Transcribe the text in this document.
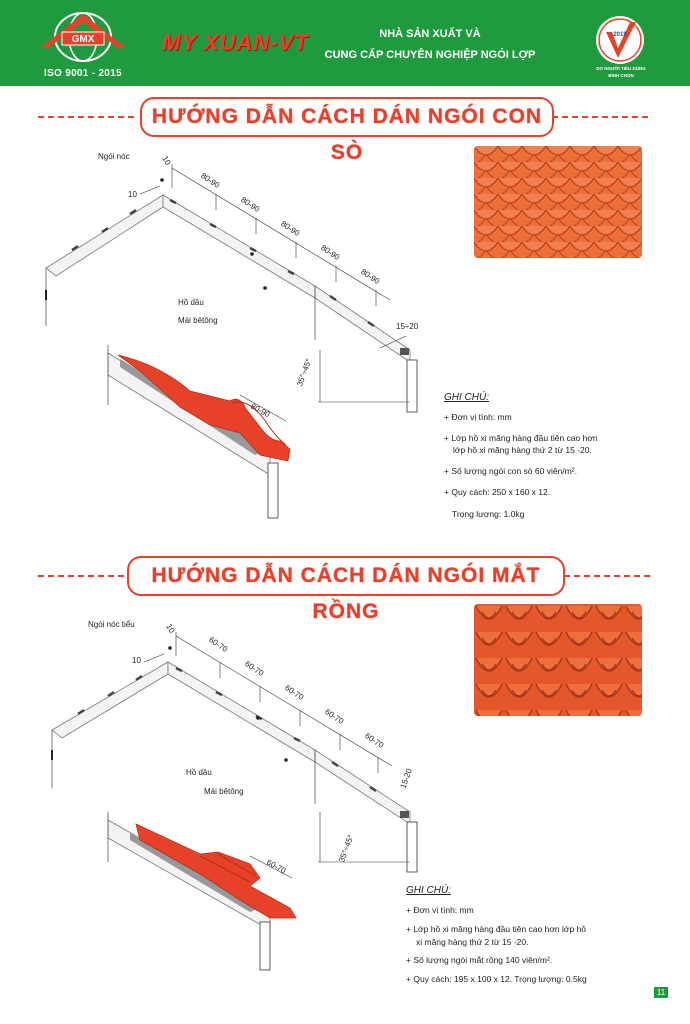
GMX
ISO 9001 - 2015
MY XUAN-VT	NHÀ SẢN XUẤT VÀ
CUNG CẤP CHUYÊN NGHIỆP NGÓI LỢP
2019
DO NGƯỜI TIÊU DÙNG
BÌNH CHỌN
HƯỚNG DẪN CÁCH DÁN NGÓI CON SÒ
Ngói nóc	10
10
80-90
80-90
80-90
80-90
80-90
Hồ dầu
Mái bêtông
15÷20
35°÷45°
80-90
GHI CHÚ:
+ Đơn vị tính: mm
+ Lớp hồ xi măng hàng đầu tiên cao hơn
lớp hồ xi măng hàng thứ 2 từ 15 -20.
+ Số lượng ngói con sò 60 viên/m².
+ Quy cách: 250 x 160 x 12.
Trọng lượng: 1.0kg
HƯỚNG DẪN CÁCH DÁN NGÓI MẮT RỒNG
Ngói nóc tiểu	10
10
60-70
60-70
60-70
60-70
60-70
Hồ dầu
Mái bêtông
15-20
35°÷45°
60-70
GHI CHÚ:
+ Đơn vị tính: mm
+ Lớp hồ xi măng hàng đầu tiên cao hơn lớp hồ
xi măng hàng thứ 2 từ 15 -20.
+ Số lượng ngói mắt rồng 140 viên/m².
+ Quy cách: 195 x 100 x 12. Trọng lượng: 0.5kg
11
